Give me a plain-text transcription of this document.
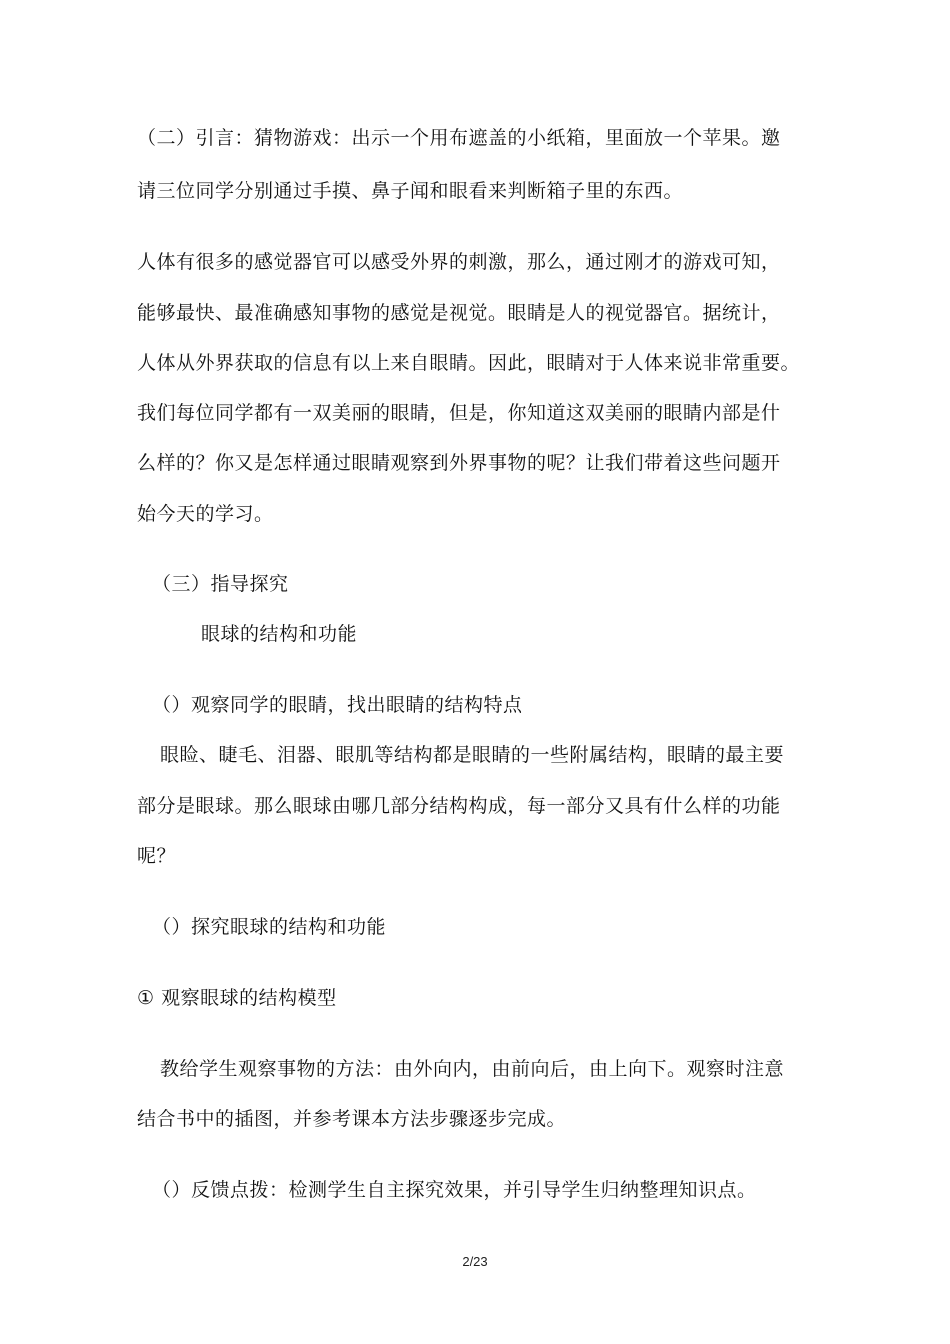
（二）引言：猜物游戏：出示一个用布遮盖的小纸箱，里面放一个苹果。邀
请三位同学分别通过手摸、鼻子闻和眼看来判断箱子里的东西。
人体有很多的感觉器官可以感受外界的刺激，那么，通过刚才的游戏可知，
能够最快、最准确感知事物的感觉是视觉。眼睛是人的视觉器官。据统计，
人体从外界获取的信息有以上来自眼睛。因此，眼睛对于人体来说非常重要。
我们每位同学都有一双美丽的眼睛，但是，你知道这双美丽的眼睛内部是什
么样的？你又是怎样通过眼睛观察到外界事物的呢？让我们带着这些问题开
始今天的学习。
（三）指导探究
眼球的结构和功能
（）观察同学的眼睛，找出眼睛的结构特点
眼睑、睫毛、泪器、眼肌等结构都是眼睛的一些附属结构，眼睛的最主要
部分是眼球。那么眼球由哪几部分结构构成，每一部分又具有什么样的功能
呢？
（）探究眼球的结构和功能
① 观察眼球的结构模型
教给学生观察事物的方法：由外向内，由前向后，由上向下。观察时注意
结合书中的插图，并参考课本方法步骤逐步完成。
（）反馈点拨：检测学生自主探究效果，并引导学生归纳整理知识点。
2/23
